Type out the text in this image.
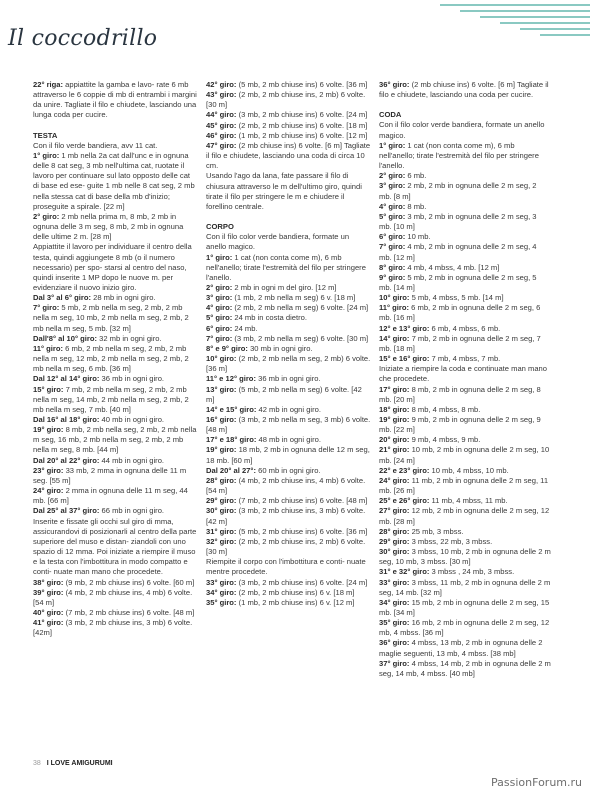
Il coccodrillo

22° riga: appiattite la gamba e lavo- rate 6 mb attraverso le 6 coppie di mb di entrambi i margini da unire. Tagliate il filo e chiudete, lasciando una lunga coda per cucire.

TESTA

Con il filo verde bandiera, avv 11 cat.

1° giro: 1 mb nella 2a cat dall'unc e in ognuna delle 8 cat seg, 3 mb nell'ultima cat, ruotate il lavoro per continuare sul lato opposto delle cat di base ed ese- guite 1 mb nelle 8 cat seg, 2 mb nella stessa cat di base della mb d'inizio; proseguite a spirale. [22 m]

2° giro: 2 mb nella prima m, 8 mb, 2 mb in ognuna delle 3 m seg, 8 mb, 2 mb in ognuna delle ultime 2 m. [28 m]

Appiattite il lavoro per individuare il centro della testa, quindi aggiungete 8 mb (o il numero necessario) per spo- starsi al centro del naso, quindi inserite 1 MP dopo le nuove m. per evidenziare il nuovo inizio giro.

Dal 3° al 6° giro: 28 mb in ogni giro.

7° giro: 5 mb, 2 mb nella m seg, 2 mb, 2 mb nella m seg, 10 mb, 2 mb nella m seg, 2 mb, 2 mb nella m seg, 5 mb. [32 m]

Dall'8° al 10° giro: 32 mb in ogni giro.

11° giro: 6 mb, 2 mb nella m seg, 2 mb, 2 mb nella m seg, 12 mb, 2 mb nella m seg, 2 mb, 2 mb nella m seg, 6 mb. [36 m]

Dal 12° al 14° giro: 36 mb in ogni giro.

15° giro: 7 mb, 2 mb nella m seg, 2 mb, 2 mb nella m seg, 14 mb, 2 mb nella m seg, 2 mb, 2 mb nella m seg, 7 mb. [40 m]

Dal 16° al 18° giro: 40 mb in ogni giro.

19° giro: 8 mb, 2 mb nella seg, 2 mb, 2 mb nella m seg, 16 mb, 2 mb nella m seg, 2 mb, 2 mb nella m seg, 8 mb. [44 m]

Dal 20° al 22° giro: 44 mb in ogni giro.

23° giro: 33 mb, 2 mma in ognuna delle 11 m seg. [55 m]

24° giro: 2 mma in ognuna delle 11 m seg, 44 mb. [66 m]

Dal 25° al 37° giro: 66 mb in ogni giro.

Inserite e fissate gli occhi sul giro di mma, assicurandovi di posizionarli al centro della parte superiore del muso e distan- ziandoli con uno spazio di 12 mma. Poi iniziate a riempire il muso e la testa con l'imbottitura in modo compatto e conti- nuate man mano che procedete.

38° giro: (9 mb, 2 mb chiuse ins) 6 volte. [60 m]

39° giro: (4 mb, 2 mb chiuse ins, 4 mb) 6 volte. [54 m]

40° giro: (7 mb, 2 mb chiuse ins) 6 volte. [48 m]

41° giro: (3 mb, 2 mb chiuse ins, 3 mb) 6 volte. [42m]

42° giro: (5 mb, 2 mb chiuse ins) 6 volte. [36 m]

43° giro: (2 mb, 2 mb chiuse ins, 2 mb) 6 volte. [30 m]

44° giro: (3 mb, 2 mb chiuse ins) 6 volte. [24 m]

45° giro: (2 mb, 2 mb chiuse ins) 6 volte. [18 m]

46° giro: (1 mb, 2 mb chiuse ins) 6 volte. [12 m]

47° giro: (2 mb chiuse ins) 6 volte. [6 m] Tagliate il filo e chiudete, lasciando una coda di circa 10 cm.

Usando l'ago da lana, fate passare il filo di chiusura attraverso le m dell'ultimo giro, quindi tirate il filo per stringere le m e chiudere il forellino centrale.

CORPO

Con il filo color verde bandiera, formate un anello magico.

1° giro: 1 cat (non conta come m), 6 mb nell'anello; tirate l'estremità del filo per stringere l'anello.

2° giro: 2 mb in ogni m del giro. [12 m]

3° giro: (1 mb, 2 mb nella m seg) 6 v. [18 m]

4° giro: (2 mb, 2 mb nella m seg) 6 volte. [24 m]

5° giro: 24 mb in costa dietro.

6° giro: 24 mb.

7° giro: (3 mb, 2 mb nella m seg) 6 volte. [30 m]

8° e 9° giro: 30 mb in ogni giro.

10° giro: (2 mb, 2 mb nella m seg, 2 mb) 6 volte. [36 m]

11° e 12° giro: 36 mb in ogni giro.

13° giro: (5 mb, 2 mb nella m seg) 6 volte. [42 m]

14° e 15° giro: 42 mb in ogni giro.

16° giro: (3 mb, 2 mb nella m seg, 3 mb) 6 volte. [48 m]

17° e 18° giro: 48 mb in ogni giro.

19° giro: 18 mb, 2 mb in ognuna delle 12 m seg, 18 mb. [60 m]

Dal 20° al 27°: 60 mb in ogni giro.

28° giro: (4 mb, 2 mb chiuse ins, 4 mb) 6 volte. [54 m]

29° giro: (7 mb, 2 mb chiuse ins) 6 volte. [48 m]

30° giro: (3 mb, 2 mb chiuse ins, 3 mb) 6 volte. [42 m]

31° giro: (5 mb, 2 mb chiuse ins) 6 volte. [36 m]

32° giro: (2 mb, 2 mb chiuse ins, 2 mb) 6 volte. [30 m]

Riempite il corpo con l'imbottitura e conti- nuate mentre procedete.

33° giro: (3 mb, 2 mb chiuse ins) 6 volte. [24 m]

34° giro: (2 mb, 2 mb chiuse ins) 6 v. [18 m]

35° giro: (1 mb, 2 mb chiuse ins) 6 v. [12 m]

36° giro: (2 mb chiuse ins) 6 volte. [6 m] Tagliate il filo e chiudete, lasciando una coda per cucire.

CODA

Con il filo color verde bandiera, formate un anello magico.

1° giro: 1 cat (non conta come m), 6 mb nell'anello; tirate l'estremità del filo per stringere l'anello.

2° giro: 6 mb.

3° giro: 2 mb, 2 mb in ognuna delle 2 m seg, 2 mb. [8 m]

4° giro: 8 mb.

5° giro: 3 mb, 2 mb in ognuna delle 2 m seg, 3 mb. [10 m]

6° giro: 10 mb.

7° giro: 4 mb, 2 mb in ognuna delle 2 m seg, 4 mb. [12 m]

8° giro: 4 mb, 4 mbss, 4 mb. [12 m]

9° giro: 5 mb, 2 mb in ognuna delle 2 m seg, 5 mb. [14 m]

10° giro: 5 mb, 4 mbss, 5 mb. [14 m]

11° giro: 6 mb, 2 mb in ognuna delle 2 m seg, 6 mb. [16 m]

12° e 13° giro: 6 mb, 4 mbss, 6 mb.

14° giro: 7 mb, 2 mb in ognuna delle 2 m seg, 7 mb. [18 m]

15° e 16° giro: 7 mb, 4 mbss, 7 mb.

Iniziate a riempire la coda e continuate man mano che procedete.

17° giro: 8 mb, 2 mb in ognuna delle 2 m seg, 8 mb. [20 m]

18° giro: 8 mb, 4 mbss, 8 mb.

19° giro: 9 mb, 2 mb in ognuna delle 2 m seg, 9 mb. [22 m]

20° giro: 9 mb, 4 mbss, 9 mb.

21° giro: 10 mb, 2 mb in ognuna delle 2 m seg, 10 mb. [24 m]

22° e 23° giro: 10 mb, 4 mbss, 10 mb.

24° giro: 11 mb, 2 mb in ognuna delle 2 m seg, 11 mb. [26 m]

25° e 26° giro: 11 mb, 4 mbss, 11 mb.

27° giro: 12 mb, 2 mb in ognuna delle 2 m seg, 12 mb. [28 m]

28° giro: 25 mb, 3 mbss.

29° giro: 3 mbss, 22 mb, 3 mbss.

30° giro: 3 mbss, 10 mb, 2 mb in ognuna delle 2 m seg, 10 mb, 3 mbss. [30 m]

31° e 32° giro: 3 mbss , 24 mb, 3 mbss.

33° giro: 3 mbss, 11 mb, 2 mb in ognuna delle 2 m seg, 14 mb. [32 m]

34° giro: 15 mb, 2 mb in ognuna delle 2 m seg, 15 mb. [34 m]

35° giro: 16 mb, 2 mb in ognuna delle 2 m seg, 12 mb, 4 mbss. [36 m]

36° giro: 4 mbss, 13 mb, 2 mb in ognuna delle 2 maglie seguenti, 13 mb, 4 mbss. [38 mb]

37° giro: 4 mbss, 14 mb, 2 mb in ognuna delle 2 m seg, 14 mb, 4 mbss. [40 mb]

38 I LOVE AMIGURUMI
PassionForum.ru
